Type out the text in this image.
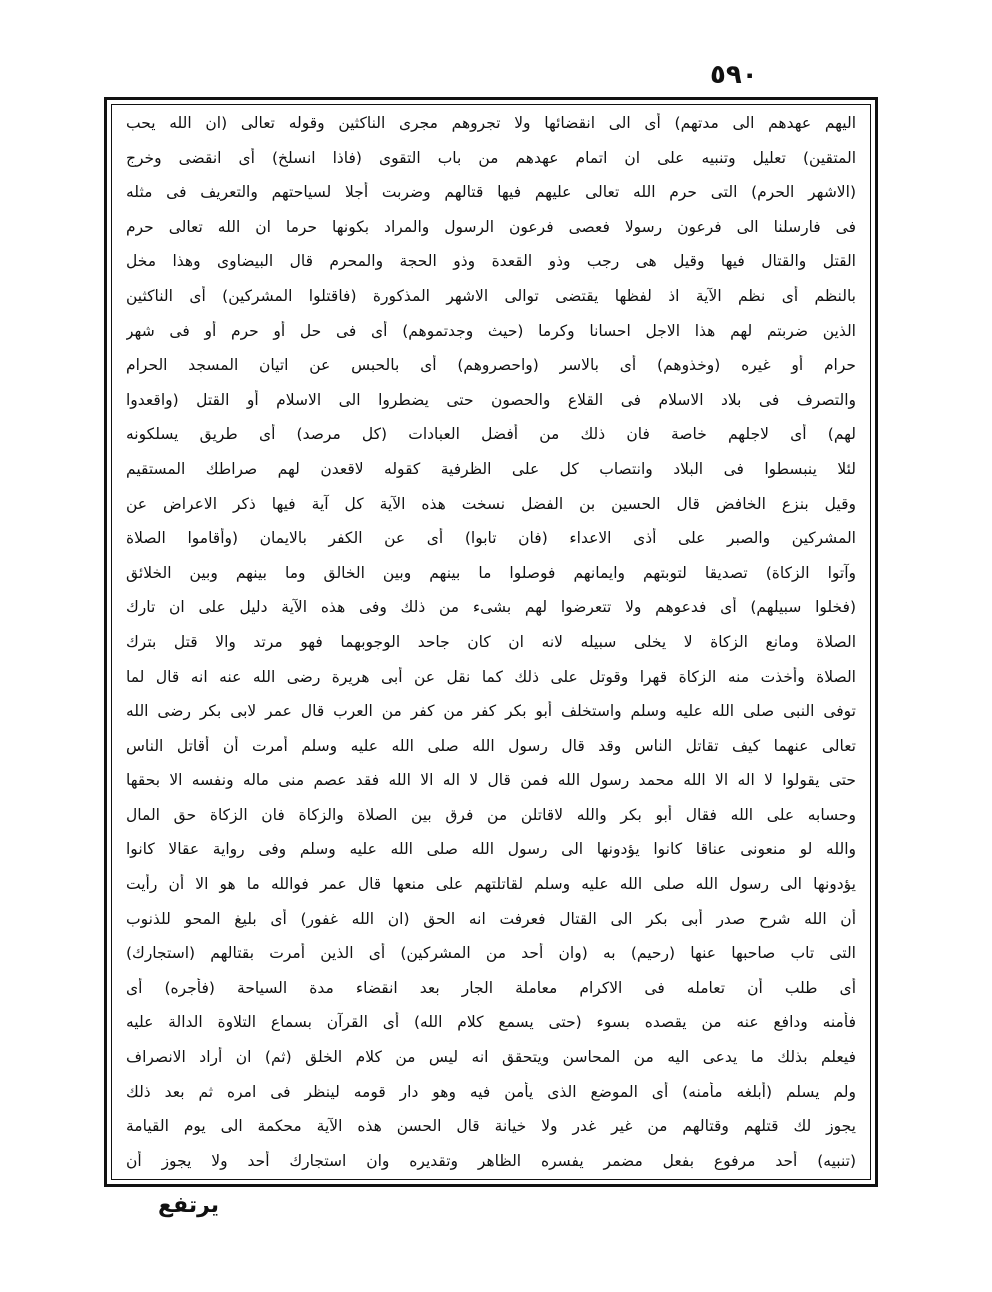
٥٩٠
اليهم عهدهم الى مدتهم) أى الى انقضائها ولا تجروهم مجرى الناكثين وقوله تعالى (ان الله يحب
المتقين) تعليل وتنبيه على ان اتمام عهدهم من باب التقوى (فاذا انسلخ) أى انقضى وخرج
(الاشهر الحرم) التى حرم الله تعالى عليهم فيها قتالهم وضربت أجلا لسياحتهم والتعريف فى مثله
فى فارسلنا الى فرعون رسولا فعصى فرعون الرسول والمراد بكونها حرما ان الله تعالى حرم
القتل والقتال فيها وقيل هى رجب وذو القعدة وذو الحجة والمحرم قال البيضاوى وهذا مخل
بالنظم أى نظم الآية اذ لفظها يقتضى توالى الاشهر المذكورة (فاقتلوا المشركين) أى الناكثين
الذين ضربتم لهم هذا الاجل احسانا وكرما (حيث وجدتموهم) أى فى حل أو حرم أو فى شهر
حرام أو غيره (وخذوهم) أى بالاسر (واحصروهم) أى بالحبس عن اتيان المسجد الحرام
والتصرف فى بلاد الاسلام فى القلاع والحصون حتى يضطروا الى الاسلام أو القتل (واقعدوا
لهم) أى لاجلهم خاصة فان ذلك من أفضل العبادات (كل مرصد) أى طريق يسلكونه
لئلا ينبسطوا فى البلاد وانتصاب كل على الظرفية كقوله لاقعدن لهم صراطك المستقيم
وقيل بنزع الخافض قال الحسين بن الفضل نسخت هذه الآية كل آية فيها ذكر الاعراض عن
المشركين والصبر على أذى الاعداء (فان تابوا) أى عن الكفر بالايمان (وأقاموا الصلاة
وآتوا الزكاة) تصديقا لتوبتهم وايمانهم فوصلوا ما بينهم وبين الخالق وما بينهم وبين الخلائق
(فخلوا سبيلهم) أى فدعوهم ولا تتعرضوا لهم بشىء من ذلك وفى هذه الآية دليل على ان تارك
الصلاة ومانع الزكاة لا يخلى سبيله لانه ان كان جاحد الوجوبهما فهو مرتد والا قتل بترك
الصلاة وأخذت منه الزكاة قهرا وقوتل على ذلك كما نقل عن أبى هريرة رضى الله عنه انه قال لما
توفى النبى صلى الله عليه وسلم واستخلف أبو بكر كفر من كفر من العرب قال عمر لابى بكر رضى الله
تعالى عنهما كيف تقاتل الناس وقد قال رسول الله صلى الله عليه وسلم أمرت أن أقاتل الناس
حتى يقولوا لا اله الا الله محمد رسول الله فمن قال لا اله الا الله فقد عصم منى ماله ونفسه الا بحقها
وحسابه على الله فقال أبو بكر والله لاقاتلن من فرق بين الصلاة والزكاة فان الزكاة حق المال
والله لو منعونى عناقا كانوا يؤدونها الى رسول الله صلى الله عليه وسلم وفى رواية عقالا كانوا
يؤدونها الى رسول الله صلى الله عليه وسلم لقاتلتهم على منعها قال عمر فوالله ما هو الا أن رأيت
أن الله شرح صدر أبى بكر الى القتال فعرفت انه الحق (ان الله غفور) أى بليغ المحو للذنوب
التى تاب صاحبها عنها (رحيم) به (وان أحد من المشركين) أى الذين أمرت بقتالهم (استجارك)
أى طلب أن تعامله فى الاكرام معاملة الجار بعد انقضاء مدة السياحة (فأجره) أى
فأمنه ودافع عنه من يقصده بسوء (حتى يسمع كلام الله) أى القرآن بسماع التلاوة الدالة عليه
فيعلم بذلك ما يدعى اليه من المحاسن ويتحقق انه ليس من كلام الخلق (ثم) ان أراد الانصراف
ولم يسلم (أبلغه مأمنه) أى الموضع الذى يأمن فيه وهو دار قومه لينظر فى امره ثم بعد ذلك
يجوز لك قتلهم وقتالهم من غير غدر ولا خيانة قال الحسن هذه الآية محكمة الى يوم القيامة
(تنبيه) أحد مرفوع بفعل مضمر يفسره الظاهر وتقديره وان استجارك أحد ولا يجوز أن
يرتفع
